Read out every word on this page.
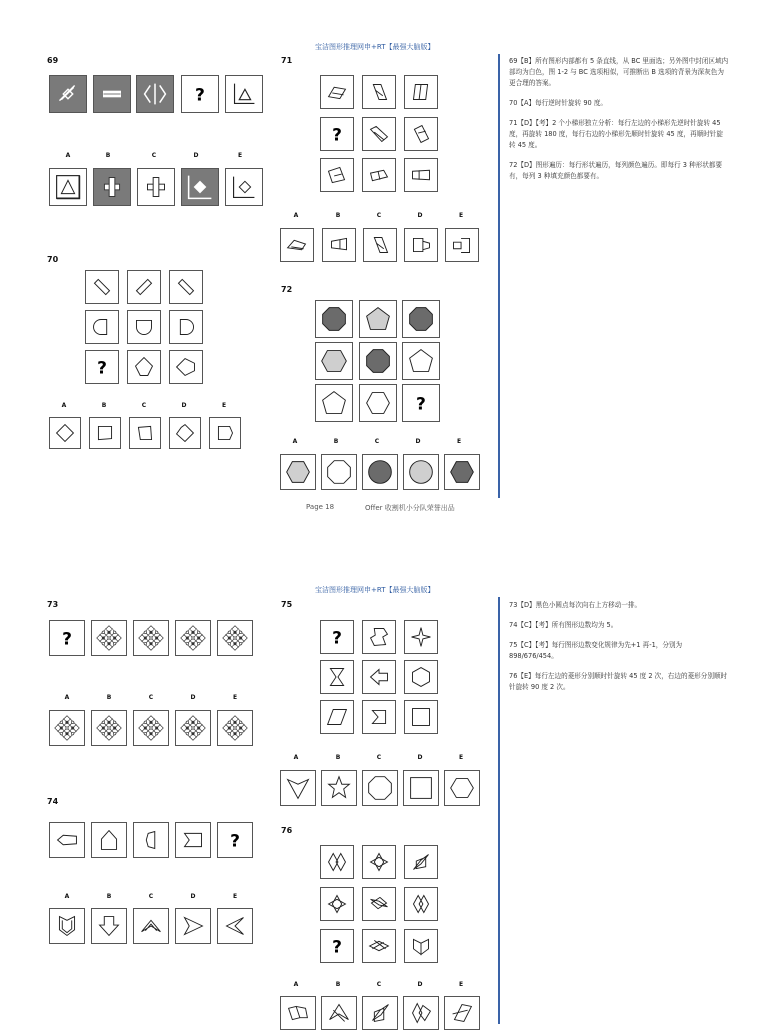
宝洁图形推理网申+RT【最强大脑版】
69
?
A	B	C	D	E
70
?
A	B	C	D	E
71
?
A	B	C	D	E
72
?
A	B	C	D	E

69【B】所有图形内部都有 5 条直线，从 BC 里面选；另外图中封闭区域内部均为白色，图 1-2 与 BC 选项相似，可推断出 B 选项的背景为深灰色为更合理的答案。

70【A】每行逆时针旋转 90 度。

71【D】【考】2 个小梯形独立分析：每行左边的小梯形先逆时针旋转 45 度，再旋转 180 度，每行右边的小梯形先顺时针旋转 45 度，再顺时针旋转 45 度。

72【D】图形遍历：每行形状遍历，每列颜色遍历。即每行 3 种形状都要有，每列 3 种填充颜色都要有。

Page 18	Offer 收割机小分队荣誉出品
宝洁图形推理网申+RT【最强大脑版】
73
?
A	B	C	D	E
74
?
A	B	C	D	E
75
?
A	B	C	D	E
76
?
A	B	C	D	E

73【D】黑色小圆点每次向右上方移动一排。

74【C】【考】所有图形边数均为 5。

75【C】【考】每行图形边数变化规律为先+1 再-1，分别为 898/676/454。

76【E】每行左边的菱形分别顺时针旋转 45 度 2 次，右边的菱形分别顺时针旋转 90 度 2 次。
